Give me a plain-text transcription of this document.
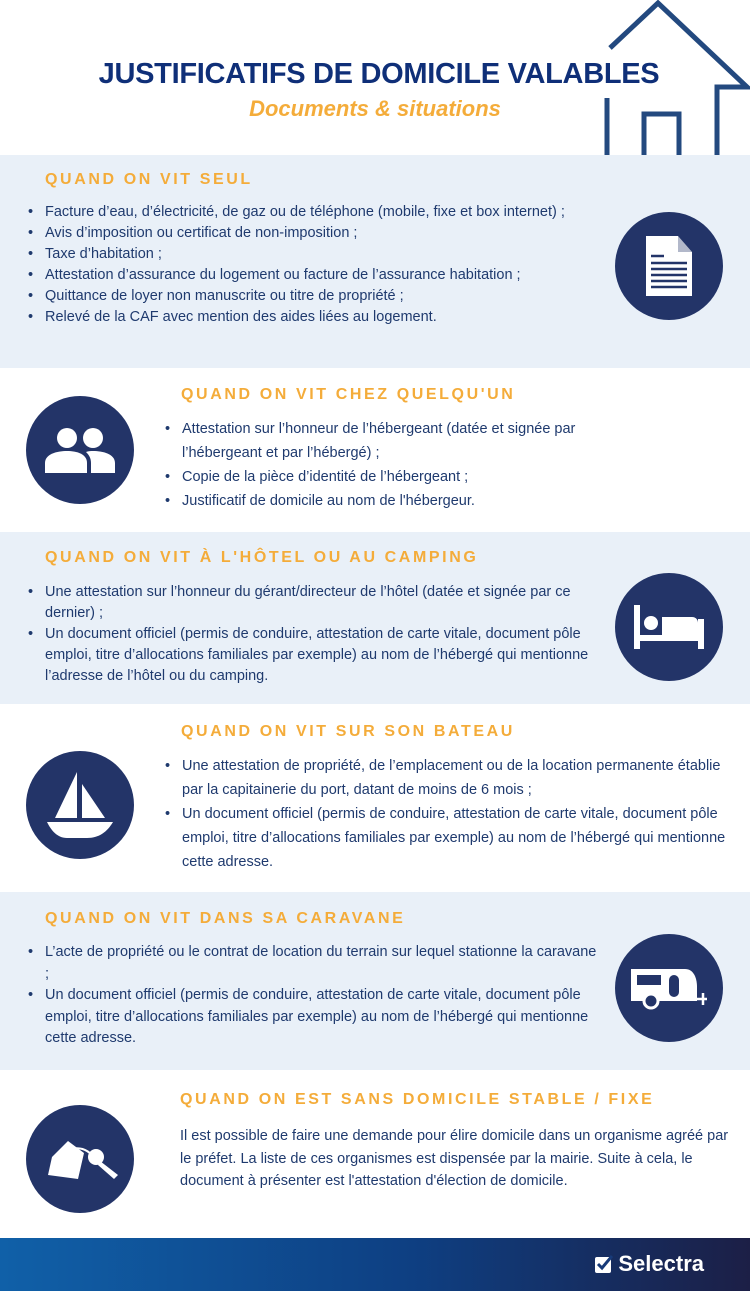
JUSTIFICATIFS DE DOMICILE VALABLES
Documents & situations
QUAND ON VIT SEUL
• Facture d’eau, d’électricité, de gaz ou de téléphone (mobile, fixe et box internet) ;
• Avis d’imposition ou certificat de non-imposition ;
• Taxe d’habitation ;
• Attestation d’assurance du logement ou facture de l’assurance habitation ;
• Quittance de loyer non manuscrite ou titre de propriété ;
• Relevé de la CAF avec mention des aides liées au logement.
QUAND ON VIT CHEZ QUELQU'UN
• Attestation sur l’honneur de l’hébergeant (datée et signée par l’hébergeant et par l’hébergé) ;
• Copie de la pièce d’identité de l’hébergeant ;
• Justificatif de domicile au nom de l'hébergeur.
QUAND ON VIT À L'HÔTEL OU AU CAMPING
• Une attestation sur l’honneur du gérant/directeur de l’hôtel (datée et signée par ce dernier) ;
• Un document officiel (permis de conduire, attestation de carte vitale, document pôle emploi, titre d’allocations familiales par exemple) au nom de l’hébergé qui mentionne l’adresse de l’hôtel ou du camping.
QUAND ON VIT SUR SON BATEAU
• Une attestation de propriété, de l’emplacement ou de la location permanente établie par la capitainerie du port, datant de moins de 6 mois ;
• Un document officiel (permis de conduire, attestation de carte vitale, document pôle emploi, titre d’allocations familiales par exemple) au nom de l’hébergé qui mentionne cette adresse.
QUAND ON VIT DANS SA CARAVANE
• L’acte de propriété ou le contrat de location du terrain sur lequel stationne la caravane ;
• Un document officiel (permis de conduire, attestation de carte vitale, document pôle emploi, titre d’allocations familiales par exemple) au nom de l’hébergé qui mentionne cette adresse.
QUAND ON EST SANS DOMICILE STABLE / FIXE
Il est possible de faire une demande pour élire domicile dans un organisme agréé par le préfet. La liste de ces organismes est dispensée par la mairie. Suite à cela, le document à présenter est l'attestation d'élection de domicile.
Selectra
